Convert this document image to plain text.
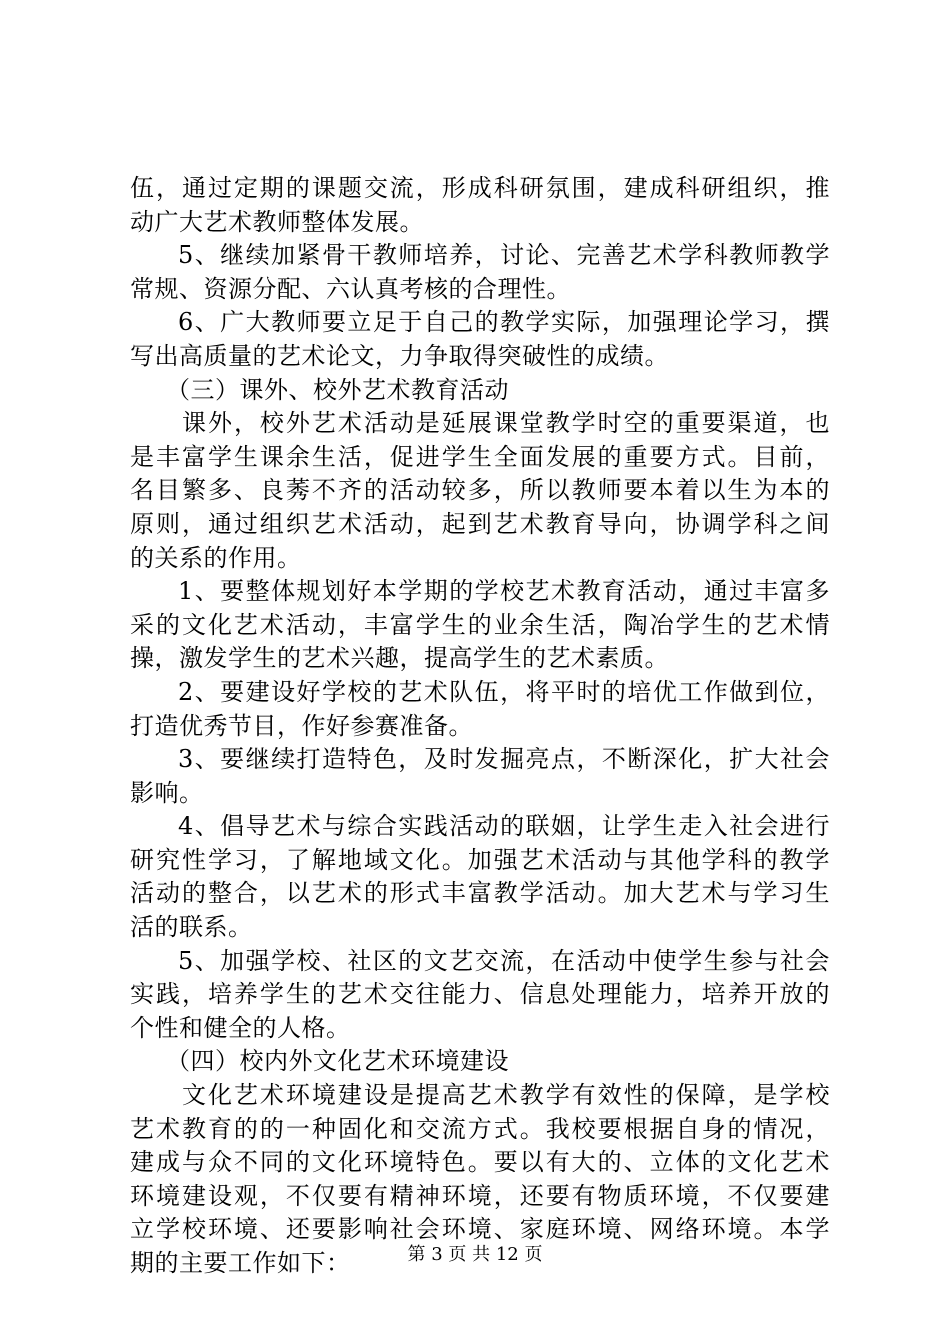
伍，通过定期的课题交流，形成科研氛围，建成科研组织，推
动广大艺术教师整体发展。
5、继续加紧骨干教师培养，讨论、完善艺术学科教师教学
常规、资源分配、六认真考核的合理性。
6、广大教师要立足于自己的教学实际，加强理论学习，撰
写出高质量的艺术论文，力争取得突破性的成绩。
（三）课外、校外艺术教育活动
课外，校外艺术活动是延展课堂教学时空的重要渠道，也
是丰富学生课余生活，促进学生全面发展的重要方式。目前，
名目繁多、良莠不齐的活动较多，所以教师要本着以生为本的
原则，通过组织艺术活动，起到艺术教育导向，协调学科之间
的关系的作用。
1、要整体规划好本学期的学校艺术教育活动，通过丰富多
采的文化艺术活动，丰富学生的业余生活，陶冶学生的艺术情
操，激发学生的艺术兴趣，提高学生的艺术素质。
2、要建设好学校的艺术队伍，将平时的培优工作做到位，
打造优秀节目，作好参赛准备。
3、要继续打造特色，及时发掘亮点，不断深化，扩大社会
影响。
4、倡导艺术与综合实践活动的联姻，让学生走入社会进行
研究性学习，了解地域文化。加强艺术活动与其他学科的教学
活动的整合，以艺术的形式丰富教学活动。加大艺术与学习生
活的联系。
5、加强学校、社区的文艺交流，在活动中使学生参与社会
实践，培养学生的艺术交往能力、信息处理能力，培养开放的
个性和健全的人格。
（四）校内外文化艺术环境建设
文化艺术环境建设是提高艺术教学有效性的保障，是学校
艺术教育的的一种固化和交流方式。我校要根据自身的情况，
建成与众不同的文化环境特色。要以有大的、立体的文化艺术
环境建设观，不仅要有精神环境，还要有物质环境，不仅要建
立学校环境、还要影响社会环境、家庭环境、网络环境。本学
期的主要工作如下：	第 3 页 共 12 页
